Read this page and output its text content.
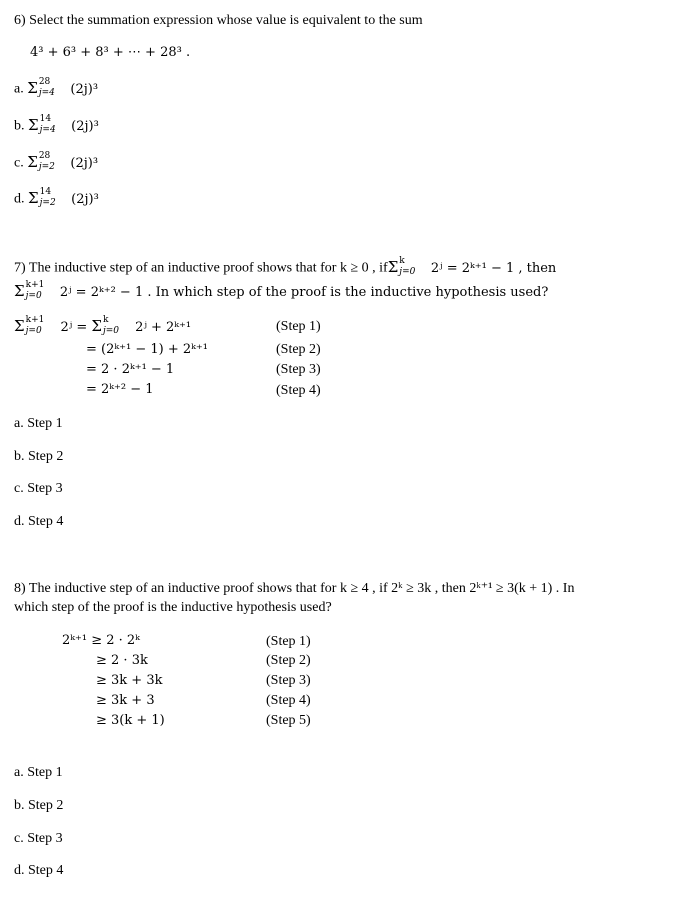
6) Select the summation expression whose value is equivalent to the sum
4³ + 6³ + 8³ + ⋯ + 28³ .
a. Σ 28
j=4 (2j)³
b. Σ 14
j=4 (2j)³
c. Σ 28
j=2 (2j)³
d. Σ 14
j=2 (2j)³
7) The inductive step of an inductive proof shows that for k ≥ 0 , if Σ k
j=0 2ʲ = 2ᵏ⁺¹ − 1 , then
Σ k+1
j=0 2ʲ = 2ᵏ⁺² − 1 . In which step of the proof is the inductive hypothesis used?
Σ k+1
j=0 2ʲ = Σ k
j=0 2ʲ + 2ᵏ⁺¹
= (2ᵏ⁺¹ − 1) + 2ᵏ⁺¹
= 2 · 2ᵏ⁺¹ − 1
= 2ᵏ⁺² − 1
(Step 1)
(Step 2)
(Step 3)
(Step 4)
a. Step 1
b. Step 2
c. Step 3
d. Step 4
8) The inductive step of an inductive proof shows that for k ≥ 4 , if 2ᵏ ≥ 3k , then 2ᵏ⁺¹ ≥ 3(k + 1) . In
which step of the proof is the inductive hypothesis used?
2ᵏ⁺¹ ≥ 2 · 2ᵏ
≥ 2 · 3k
≥ 3k + 3k
≥ 3k + 3
≥ 3(k + 1)
(Step 1)
(Step 2)
(Step 3)
(Step 4)
(Step 5)
a. Step 1
b. Step 2
c. Step 3
d. Step 4
